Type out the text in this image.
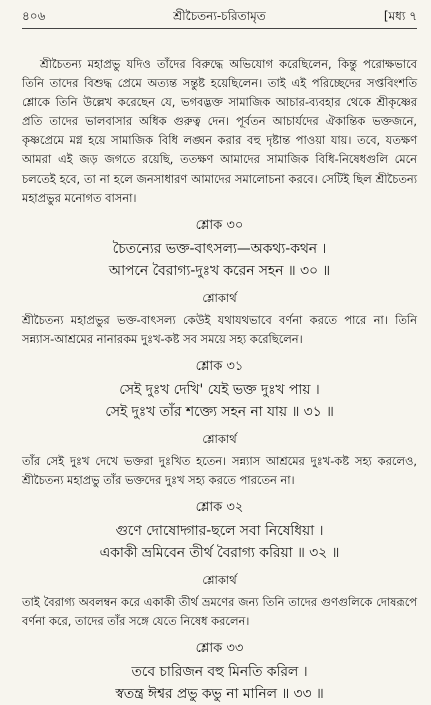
৪০৬	শ্রীচৈতন্য-চরিতামৃত	[মধ্য ৭

শ্রীচৈতন্য মহাপ্রভু যদিও তাঁদের বিরুদ্ধে অভিযোগ করেছিলেন, কিন্তু পরোক্ষভাবে তিনি তাদের বিশুদ্ধ প্রেমে অত্যন্ত সন্তুষ্ট হয়েছিলেন। তাই এই পরিচ্ছেদের সপ্তবিংশতি শ্লোকে তিনি উল্লেখ করেছেন যে, ভগবদ্ভক্ত সামাজিক আচার-ব্যবহার থেকে শ্রীকৃষ্ণের প্রতি তাদের ভালবাসার অধিক গুরুত্ব দেন। পূর্বতন আচার্যদের ঐকান্তিক ভক্তজনে, কৃষ্ণপ্রেমে মগ্ন হয়ে সামাজিক বিধি লঙ্ঘন করার বহু দৃষ্টান্ত পাওয়া যায়। তবে, যতক্ষণ আমরা এই জড় জগতে রয়েছি, ততক্ষণ আমাদের সামাজিক বিধি-নিষেধগুলি মেনে চলতেই হবে, তা না হলে জনসাধারণ আমাদের সমালোচনা করবে। সেটিই ছিল শ্রীচৈতন্য মহাপ্রভুর মনোগত বাসনা।

শ্লোক ৩০

চৈতন্যের ভক্ত-বাৎসল্য—অকথ্য-কথন ।

আপনে বৈরাগ্য-দুঃখ করেন সহন ॥ ৩০ ॥

শ্লোকার্থ

শ্রীচৈতন্য মহাপ্রভুর ভক্ত-বাৎসল্য কেউই যথাযথভাবে বর্ণনা করতে পারে না। তিনি সন্ন্যাস-আশ্রমের নানারকম দুঃখ-কষ্ট সব সময়ে সহ্য করেছিলেন।

শ্লোক ৩১

সেই দুঃখ দেখি' যেই ভক্ত দুঃখ পায় ।

সেই দুঃখ তাঁর শক্ত্যে সহন না যায় ॥ ৩১ ॥

শ্লোকার্থ

তাঁর সেই দুঃখ দেখে ভক্তরা দুঃখিত হতেন। সন্ন্যাস আশ্রমের দুঃখ-কষ্ট সহ্য করলেও, শ্রীচৈতন্য মহাপ্রভু তাঁর ভক্তদের দুঃখ সহ্য করতে পারতেন না।

শ্লোক ৩২

গুণে দোষোদ্গার-ছলে সবা নিষেধিয়া ।

একাকী ভ্রমিবেন তীর্থ বৈরাগ্য করিয়া ॥ ৩২ ॥

শ্লোকার্থ

তাই বৈরাগ্য অবলম্বন করে একাকী তীর্থ ভ্রমণের জন্য তিনি তাদের গুণগুলিকে দোষরূপে বর্ণনা করে, তাদের তাঁর সঙ্গে যেতে নিষেধ করলেন।

শ্লোক ৩৩

তবে চারিজন বহু মিনতি করিল ।

স্বতন্ত্র ঈশ্বর প্রভু কভু না মানিল ॥ ৩৩ ॥
